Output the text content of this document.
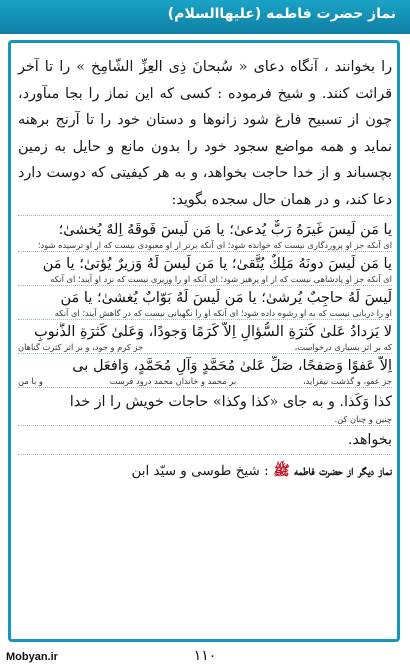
نماز حضرت فاطمه (علیهاالسلام)

را بخوانند ، آنگاه دعاى « سُبحانَ ذِی العِزِّ الشّامِخ » را تا آخر قرائت كنند. و شيخ فرموده : كسى كه اين نماز را بجا مى‏آورد، چون از تسبيح فارغ شود زانوها و دستان خود را تا آرنج برهنه نمايد و همه مواضع سجود خود را بدون مانع و حايل به زمين بچسباند و از خدا حاجت بخواهد، و به هر كيفيتى كه دوست دارد دعا كند، و در همان حال سجده بگويد:

يا مَن لَيسَ غَيرَهُ رَبٌّ يُدعىٰ؛ يا مَن لَيسَ فَوقَهُ اِلهٌ يُخشىٰ؛

اى آنكه جز او پروردگارى نيست كه خوانده شود؛ اى آنكه برتر از او معبودى نيست كه از او ترسيده شود؛

يا مَن لَيسَ دونَهُ مَلِكٌ يُتَّقىٰ؛ يا مَن لَيسَ لَهُ وَزيرٌ يُؤتىٰ؛ يا مَن

اى آنكه جز او پادشاهى نيست كه از او پرهيز شود؛ اى آنكه او را وزيرى نيست كه نزد او آيند؛ اى آنكه

لَيسَ لَهُ حاجِبٌ يُرشىٰ؛ يا مَن لَيسَ لَهُ بَوّابٌ يُغشىٰ؛ يا مَن

او را دربانى نيست كه به او رشوه داده شود؛ اى آنكه او را نگهبانى نيست كه در گاهش آيند؛ اى آنكه

لا يَزدادُ عَلىٰ كَثرَةِ السُّؤالِ اِلاّ كَرَمًا وَجودًا، وَعَلىٰ كَثرَةِ الذُّنوبِ

كه بر اثر بسيارى درخواست،
جز كرم و جود، و بر اثر كثرت گناهان

اِلاّ عَفوًا وَصَفحًا، صَلِّ عَلىٰ مُحَمَّدٍ وَآلِ مُحَمَّدٍ، وَافعَل بى

جز عفو، و گذشت نيفزايد،
بر محمد و خاندان محمد درود فرست
و با من

كذا وَكَذا. و به جاى «كذا وكذا» حاجات خويش را از خدا

چنين و چنان كن.

بخواهد.

نماز ديگر از حضرت فاطمه ﷺ : شيخ طوسى و سيّد ابن

۱۱۰
Mobyan.ir
